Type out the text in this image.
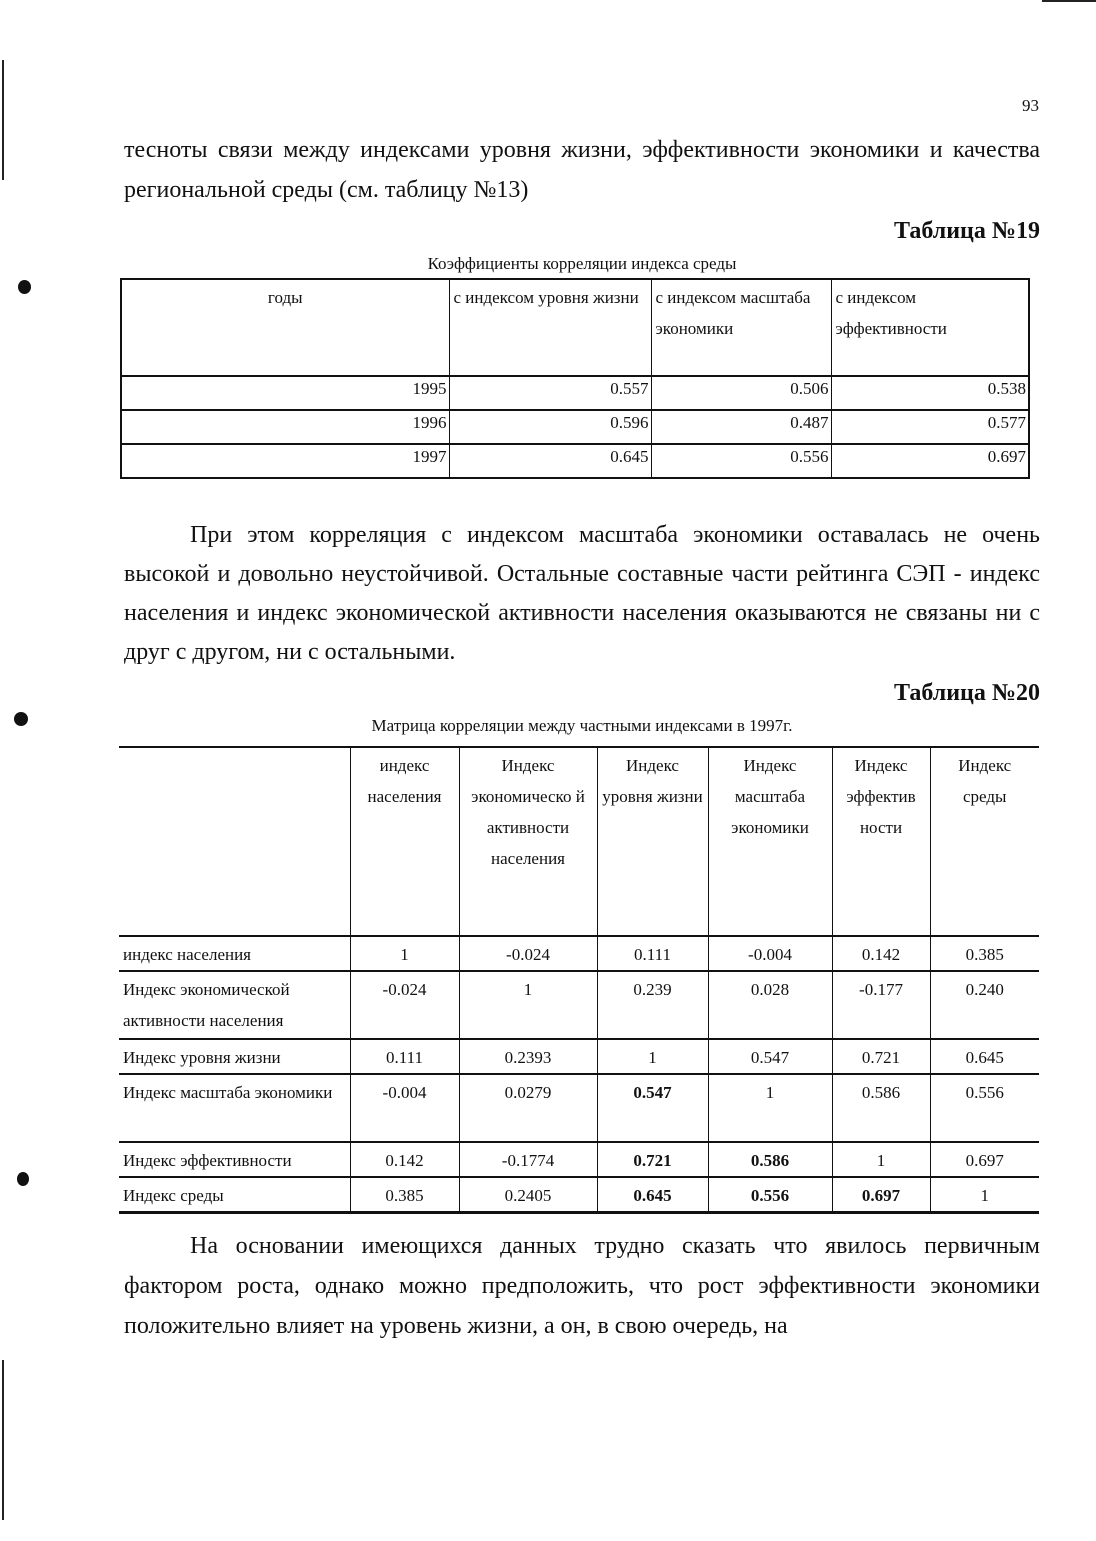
93

тесноты связи между индексами уровня жизни, эффективности экономики и качества региональной среды (см. таблицу №13)

Таблица №19
Коэффициенты корреляции индекса среды
годы	с индексом уровня жизни	с индексом масштаба экономики	с индексом эффективности
1995	0.557	0.506	0.538
1996	0.596	0.487	0.577
1997	0.645	0.556	0.697

При этом корреляция с индексом масштаба экономики оставалась не очень высокой и довольно неустойчивой. Остальные составные части рейтинга СЭП - индекс населения и индекс экономической активности населения оказываются не связаны ни с друг с другом, ни с остальными.

Таблица №20
Матрица корреляции между частными индексами в 1997г.
	индекс населения	Индекс экономическо й активности населения	Индекс уровня жизни	Индекс масштаба экономики	Индекс эффектив ности	Индекс среды
индекс населения	1	-0.024	0.111	-0.004	0.142	0.385
Индекс экономической активности населения	-0.024	1	0.239	0.028	-0.177	0.240
Индекс уровня жизни	0.111	0.2393	1	0.547	0.721	0.645
Индекс масштаба экономики	-0.004	0.0279	0.547	1	0.586	0.556
Индекс эффективности	0.142	-0.1774	0.721	0.586	1	0.697
Индекс среды	0.385	0.2405	0.645	0.556	0.697	1

На основании имеющихся данных трудно сказать что явилось первичным фактором роста, однако можно предположить, что рост эффективности экономики положительно влияет на уровень жизни, а он, в свою очередь, на
